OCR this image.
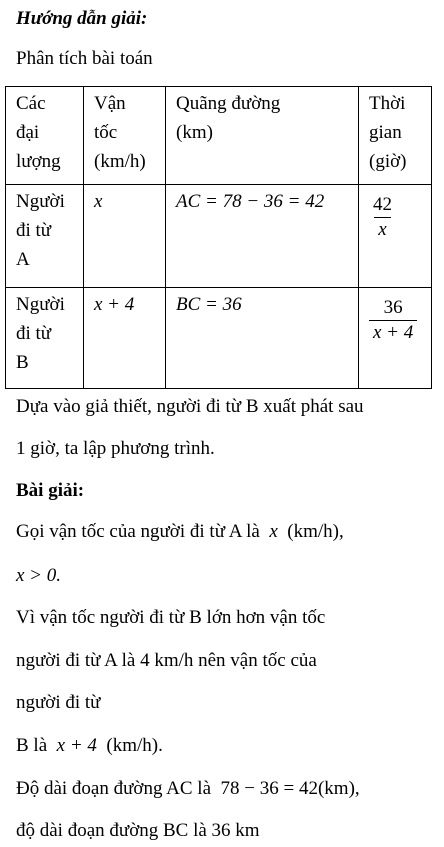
Hướng dẫn giải:
Phân tích bài toán
Các
đại
lượng	Vận
tốc
(km/h)	Quãng đường
(km)	Thời
gian
(giờ)

Người
đi từ
A	x	AC = 78 − 36 = 42	$\frac{42}{x}$

Người
đi từ
B	x + 4	BC = 36	$\frac{36}{x + 4}$
Dựa vào giả thiết, người đi từ B xuất phát sau
1 giờ, ta lập phương trình.
Bài giải:
Gọi vận tốc của người đi từ A là x (km/h),
x > 0.
Vì vận tốc người đi từ B lớn hơn vận tốc
người đi từ A là 4 km/h nên vận tốc của
người đi từ
B là x + 4 (km/h).
Độ dài đoạn đường AC là 78 − 36 = 42(km),
độ dài đoạn đường BC là 36 km
